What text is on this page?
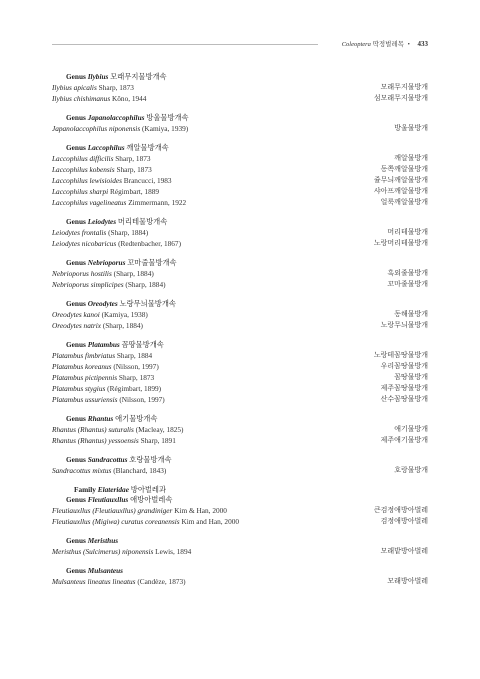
Coleoptera 딱정벌레목 • 433
Genus Ilybius 모래무지물방개속
Ilybius apicalis Sharp, 1873	모래무지물방개
Ilybius chishimanus Kôno, 1944	섬모래무지물방개
Genus Japanolaccophilus 방울물방개속
Japanolaccophilus niponensis (Kamiya, 1939)	방울물방개
Genus Laccophilus 깨알물방개속
Laccophilus difficilis Sharp, 1873	깨알물방개
Laccophilus kobensis Sharp, 1873	동쪽깨알물방개
Laccophilus lewisioides Brancucci, 1983	쥴무늬깨알물방개
Laccophilus sharpi Régimbart, 1889	샤아프깨알물방개
Laccophilus vagelineatus Zimmermann, 1922	얼룩깨알물방개
Genus Leiodytes 머리테물방개속
Leiodytes frontalis (Sharp, 1884)	머리테물방개
Leiodytes nicobaricus (Redtenbacher, 1867)	노랑머리테물방개
Genus Nebrioporus 꼬마줄물방개속
Nebrioporus hostilis (Sharp, 1884)	흑외줄물방개
Nebrioporus simplicipes (Sharp, 1884)	꼬마줄물방개
Genus Oreodytes 노랑무늬물방개속
Oreodytes kanoi (Kamiya, 1938)	동해물방개
Oreodytes natrix (Sharp, 1884)	노랑무늬물방개
Genus Platambus 꼼땅물방개속
Platambus fimbriatus Sharp, 1884	노랑테꼼땅물방개
Platambus koreanus (Nilsson, 1997)	우리꼼땅물방개
Platambus pictipennis Sharp, 1873	꼼땅물방개
Platambus stygius (Régimbart, 1899)	제주꼼땅물방개
Platambus ussuriensis (Nilsson, 1997)	산수꼼땅물방개
Genus Rhantus 애기물방개속
Rhantus (Rhantus) suturalis (Macleay, 1825)	애기물방개
Rhantus (Rhantus) yessoensis Sharp, 1891	제주애기물방개
Genus Sandracottus 호랑물방개속
Sandracottus mixtus (Blanchard, 1843)	호랑물방개
Family Elateridae 방아벌레과
Genus Fleutiauxllus 애방아벌레속
Fleutiauxllus (Fleutiauxllus) grandiniger Kim & Han, 2000	큰검정애방아벌레
Fleutiauxllus (Migiwa) curatus coreanensis Kim and Han, 2000	검정애방아벌레
Genus Meristhus
Meristhus (Sulcimerus) niponensis Lewis, 1894	모래밭방아벌레
Genus Mulsanteus
Mulsanteus lineatus lineatus (Candèze, 1873)	모래방아벌레
